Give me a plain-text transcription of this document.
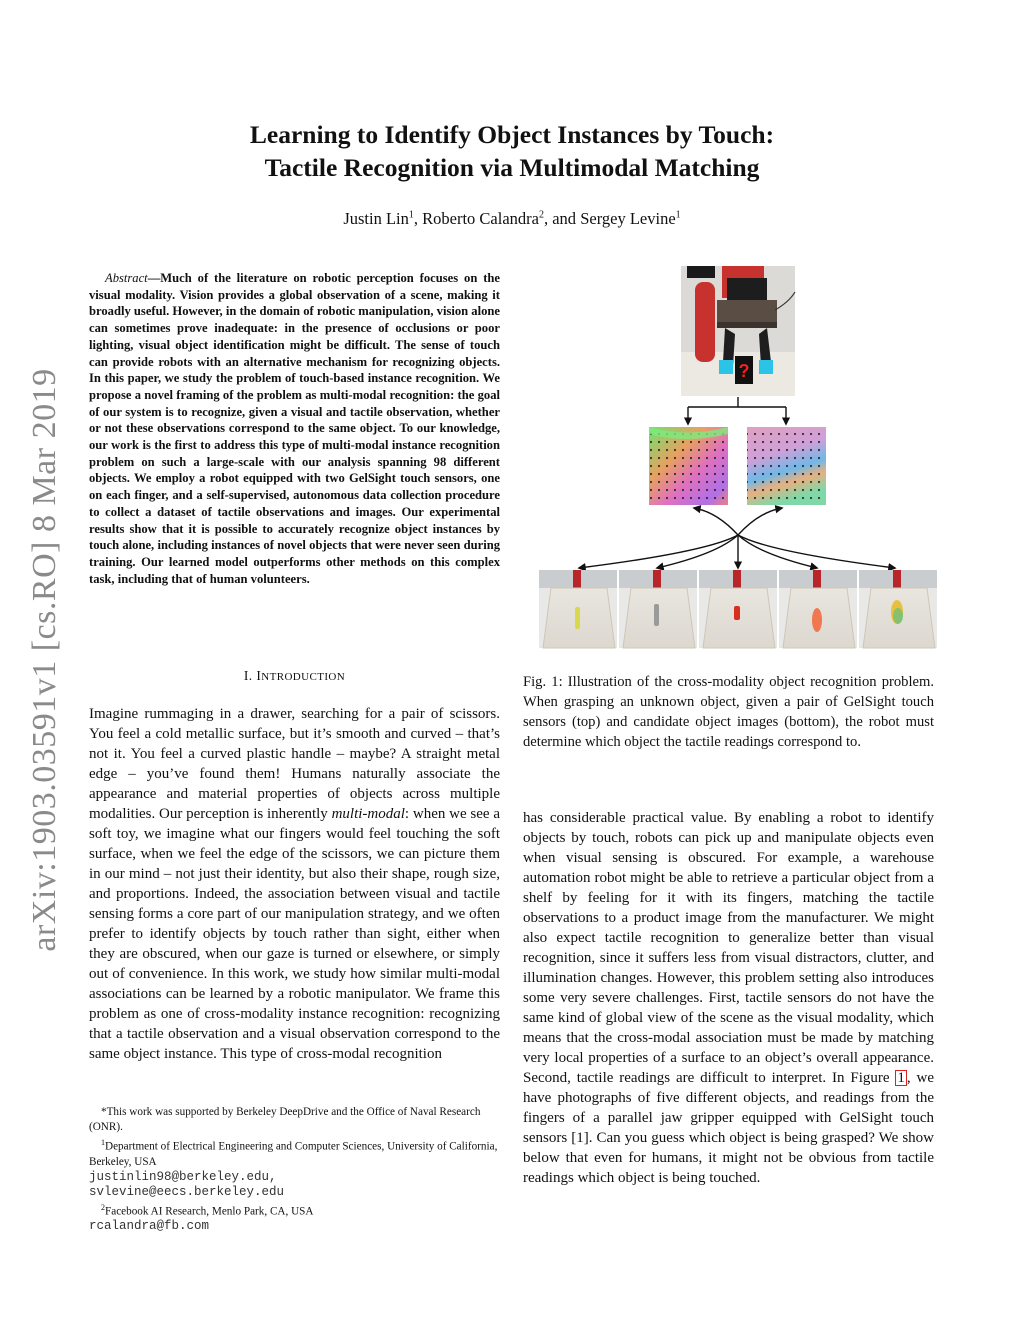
arXiv:1903.03591v1 [cs.RO] 8 Mar 2019
Learning to Identify Object Instances by Touch:
Tactile Recognition via Multimodal Matching
Justin Lin$^1$, Roberto Calandra$^2$, and Sergey Levine$^1$

Abstract—Much of the literature on robotic perception focuses on the visual modality. Vision provides a global observation of a scene, making it broadly useful. However, in the domain of robotic manipulation, vision alone can sometimes prove inadequate: in the presence of occlusions or poor lighting, visual object identification might be difficult. The sense of touch can provide robots with an alternative mechanism for recognizing objects. In this paper, we study the problem of touch-based instance recognition. We propose a novel framing of the problem as multi-modal recognition: the goal of our system is to recognize, given a visual and tactile observation, whether or not these observations correspond to the same object. To our knowledge, our work is the first to address this type of multi-modal instance recognition problem on such a large-scale with our analysis spanning 98 different objects. We employ a robot equipped with two GelSight touch sensors, one on each finger, and a self-supervised, autonomous data collection procedure to collect a dataset of tactile observations and images. Our experimental results show that it is possible to accurately recognize object instances by touch alone, including instances of novel objects that were never seen during training. Our learned model outperforms other methods on this complex task, including that of human volunteers.

I. INTRODUCTION

Imagine rummaging in a drawer, searching for a pair of scissors. You feel a cold metallic surface, but it’s smooth and curved – that’s not it. You feel a curved plastic handle – maybe? A straight metal edge – you’ve found them! Humans naturally associate the appearance and material properties of objects across multiple modalities. Our perception is inherently multi-modal: when we see a soft toy, we imagine what our fingers would feel touching the soft surface, when we feel the edge of the scissors, we can picture them in our mind – not just their identity, but also their shape, rough size, and proportions. Indeed, the association between visual and tactile sensing forms a core part of our manipulation strategy, and we often prefer to identify objects by touch rather than sight, either when they are obscured, when our gaze is turned or elsewhere, or simply out of convenience. In this work, we study how similar multi-modal associations can be learned by a robotic manipulator. We frame this problem as one of cross-modality instance recognition: recognizing that a tactile observation and a visual observation correspond to the same object instance. This type of cross-modal recognition

*This work was supported by Berkeley DeepDrive and the Office of Naval Research (ONR).

$^1$Department of Electrical Engineering and Computer Sciences, University of California, Berkeley, USA

justinlin98@berkeley.edu,
svlevine@eecs.berkeley.edu

$^2$Facebook AI Research, Menlo Park, CA, USA

rcalandra@fb.com
?
Fig. 1: Illustration of the cross-modality object recognition problem. When grasping an unknown object, given a pair of GelSight touch sensors (top) and candidate object images (bottom), the robot must determine which object the tactile readings correspond to.

has considerable practical value. By enabling a robot to identify objects by touch, robots can pick up and manipulate objects even when visual sensing is obscured. For example, a warehouse automation robot might be able to retrieve a particular object from a shelf by feeling for it with its fingers, matching the tactile observations to a product image from the manufacturer. We might also expect tactile recognition to generalize better than visual recognition, since it suffers less from visual distractors, clutter, and illumination changes. However, this problem setting also introduces some very severe challenges. First, tactile sensors do not have the same kind of global view of the scene as the visual modality, which means that the cross-modal association must be made by matching very local properties of a surface to an object’s overall appearance. Second, tactile readings are difficult to interpret. In Figure 1 , we have photographs of five different objects, and readings from the fingers of a parallel jaw gripper equipped with GelSight touch sensors [1]. Can you guess which object is being grasped? We show below that even for humans, it might not be obvious from tactile readings which object is being touched.
